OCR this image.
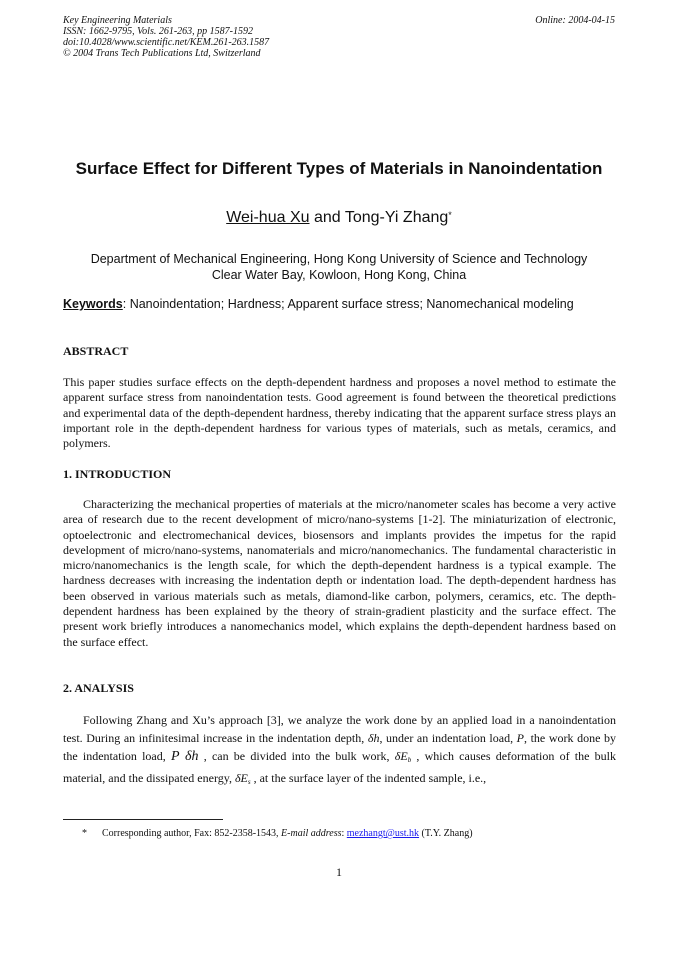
Key Engineering Materials
ISSN: 1662-9795, Vols. 261-263, pp 1587-1592
doi:10.4028/www.scientific.net/KEM.261-263.1587
© 2004 Trans Tech Publications Ltd, Switzerland
Online: 2004-04-15
Surface Effect for Different Types of Materials in Nanoindentation
Wei-hua Xu and Tong-Yi Zhang*
Department of Mechanical Engineering, Hong Kong University of Science and Technology
Clear Water Bay, Kowloon, Hong Kong, China
Keywords: Nanoindentation; Hardness; Apparent surface stress; Nanomechanical modeling
ABSTRACT
This paper studies surface effects on the depth-dependent hardness and proposes a novel method to estimate the apparent surface stress from nanoindentation tests. Good agreement is found between the theoretical predictions and experimental data of the depth-dependent hardness, thereby indicating that the apparent surface stress plays an important role in the depth-dependent hardness for various types of materials, such as metals, ceramics, and polymers.
1. INTRODUCTION
Characterizing the mechanical properties of materials at the micro/nanometer scales has become a very active area of research due to the recent development of micro/nano-systems [1-2]. The miniaturization of electronic, optoelectronic and electromechanical devices, biosensors and implants provides the impetus for the rapid development of micro/nano-systems, nanomaterials and micro/nanomechanics. The fundamental characteristic in micro/nanomechanics is the length scale, for which the depth-dependent hardness is a typical example. The hardness decreases with increasing the indentation depth or indentation load. The depth-dependent hardness has been observed in various materials such as metals, diamond-like carbon, polymers, ceramics, etc. The depth-dependent hardness has been explained by the theory of strain-gradient plasticity and the surface effect. The present work briefly introduces a nanomechanics model, which explains the depth-dependent hardness based on the surface effect.
2. ANALYSIS
Following Zhang and Xu’s approach [3], we analyze the work done by an applied load in a nanoindentation test. During an infinitesimal increase in the indentation depth, δh, under an indentation load, P, the work done by the indentation load, P δh , can be divided into the bulk work, $\delta E_b$ , which causes deformation of the bulk material, and the dissipated energy, $\delta E_s$ , at the surface layer of the indented sample, i.e.,
* Corresponding author, Fax: 852-2358-1543, E-mail address: mezhangt@ust.hk (T.Y. Zhang)
1
